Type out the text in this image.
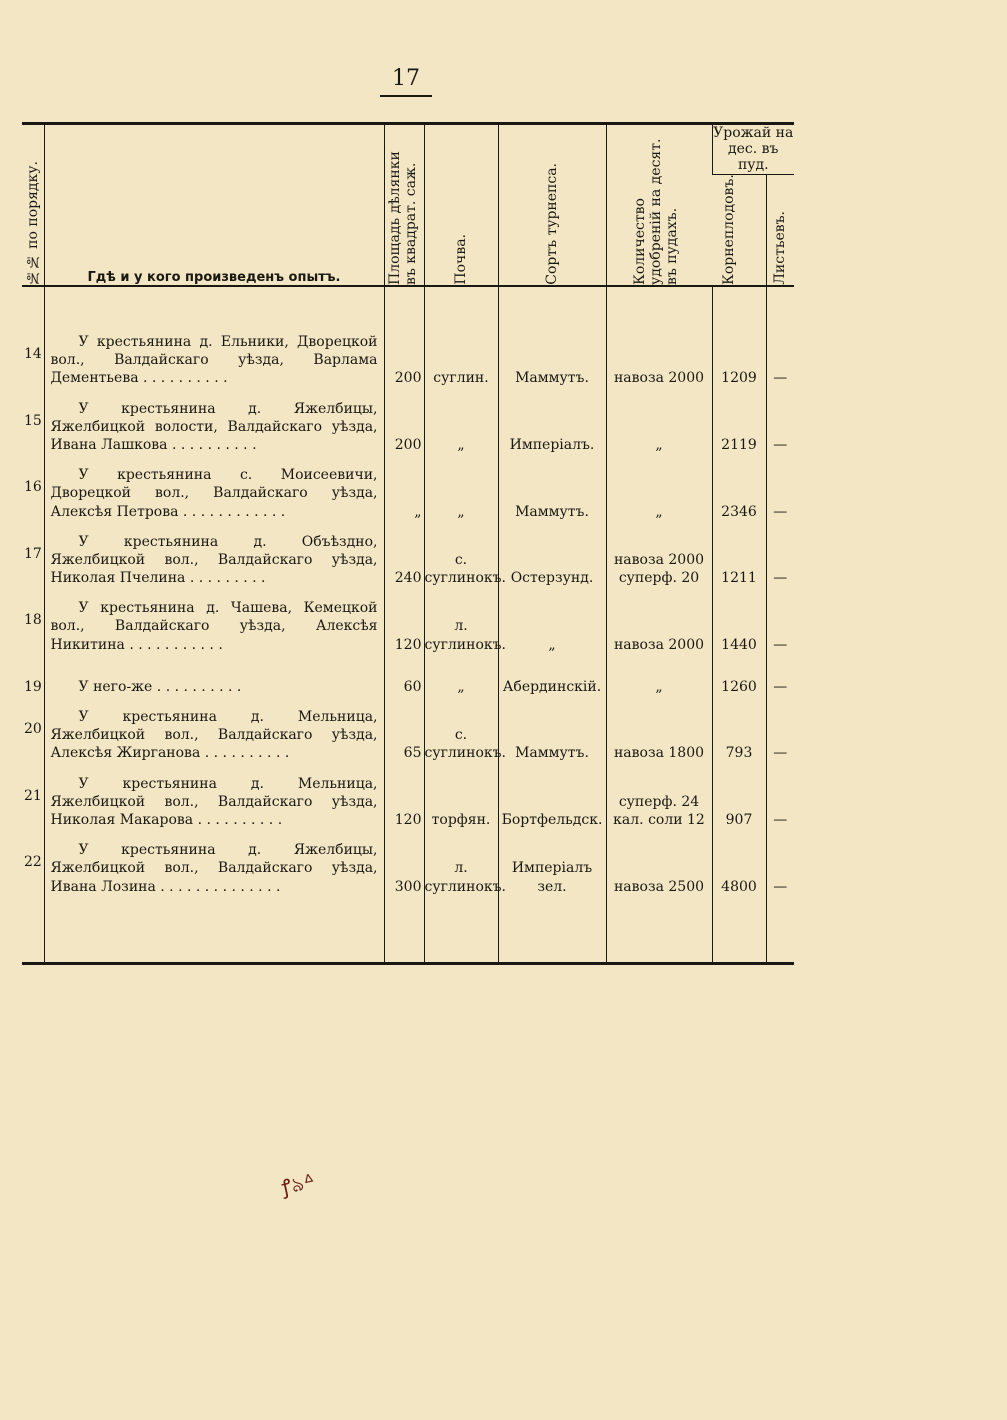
17
№№ по порядку.	Гдѣ и у кого произведенъ опытъ.	Площадь дѣлянки въ квадрат. саж.	Почва.	Сортъ турнепса.	Количество удобреній на десят. въ пудахъ.	Урожай на дес. въ пуд.	

						Корнеплодовъ.	Листьевъ.

14	У крестьянина д. Ельники, Дворецкой вол., Валдайскаго уѣзда, Варлама Дементьева . . . . . . . . . .	200	суглин.	Маммутъ.	навоза 2000	1209	—
15	У крестьянина д. Яжелбицы, Яжелбицкой волости, Валдайскаго уѣзда, Ивана Лашкова . . . . . . . . . .	200	„	Имперіалъ.	„	2119	—
16	У крестьянина с. Моисеевичи, Дворецкой вол., Валдайскаго уѣзда, Алексѣя Петрова . . . . . . . . . . . .	„	„	Маммутъ.	„	2346	—
17	У крестьянина д. Объѣздно, Яжелбицкой вол., Валдайскаго уѣзда, Николая Пчелина . . . . . . . . .	240	с. суглинокъ.	Остерзунд.	навоза 2000 суперф. 20	1211	—
18	У крестьянина д. Чашева, Кемецкой вол., Валдайскаго уѣзда, Алексѣя Никитина . . . . . . . . . . .	120	л. суглинокъ.	„	навоза 2000	1440	—
19	У него-же . . . . . . . . . .	60	„	Абердинскій.	„	1260	—
20	У крестьянина д. Мельница, Яжелбицкой вол., Валдайскаго уѣзда, Алексѣя Жирганова . . . . . . . . . .	65	с. суглинокъ.	Маммутъ.	навоза 1800	793	—
21	У крестьянина д. Мельница, Яжелбицкой вол., Валдайскаго уѣзда, Николая Макарова . . . . . . . . . .	120	торфян.	Бортфельдск.	суперф. 24 кал. соли 12	907	—
22	У крестьянина д. Яжелбицы, Яжелбицкой вол., Валдайскаго уѣзда, Ивана Лозина . . . . . . . . . . . . . .	300	л. суглинокъ.	Имперіалъ зел.	навоза 2500	4800	—

ꝭ৯ᐞ
